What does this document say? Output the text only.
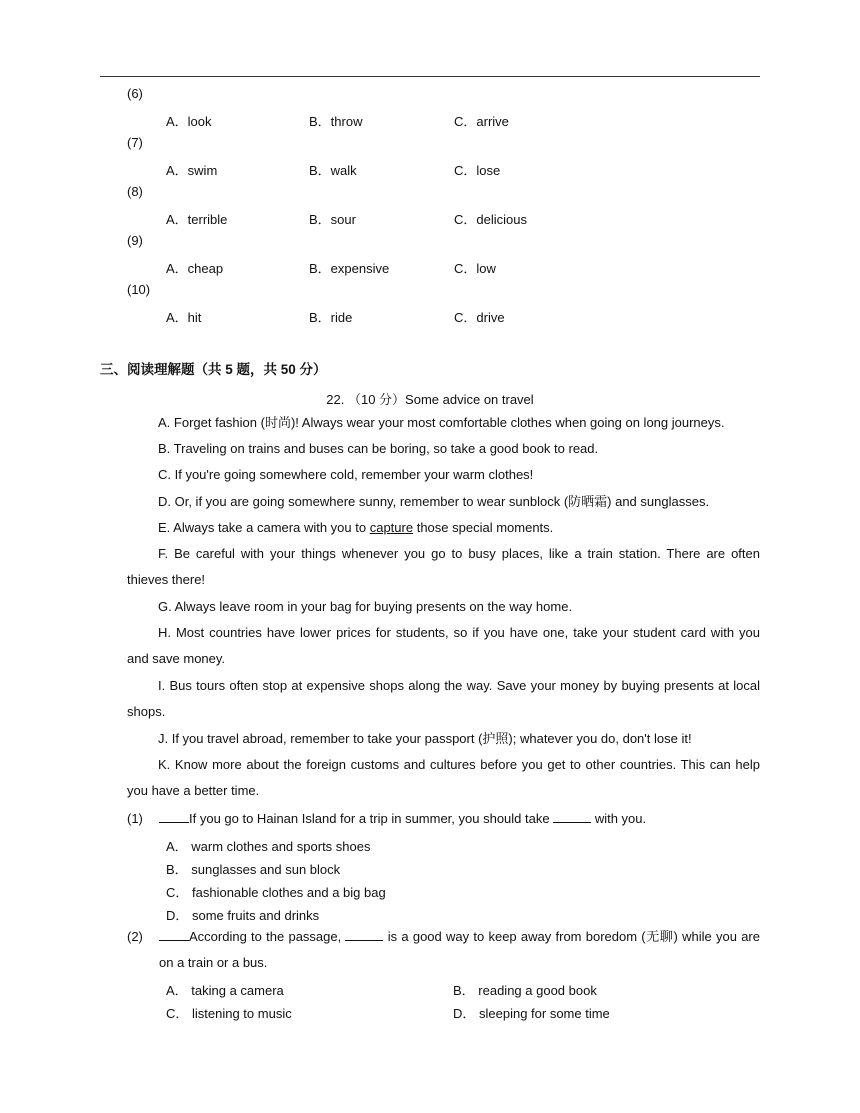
(6)
A．look	B．throw	C．arrive
(7)
A．swim	B．walk	C．lose
(8)
A．terrible	B．sour	C．delicious
(9)
A．cheap	B．expensive	C．low
(10)
A．hit	B．ride	C．drive
三、阅读理解题（共 5 题，共 50 分）
22. （10 分）Some advice on travel
A. Forget fashion (时尚)! Always wear your most comfortable clothes when going on long journeys.
B. Traveling on trains and buses can be boring, so take a good book to read.
C. If you're going somewhere cold, remember your warm clothes!
D. Or, if you are going somewhere sunny, remember to wear sunblock (防晒霜) and sunglasses.
E. Always take a camera with you to capture those special moments.
F. Be careful with your things whenever you go to busy places, like a train station. There are often thieves there!
G. Always leave room in your bag for buying presents on the way home.
H. Most countries have lower prices for students, so if you have one, take your student card with you and save money.
I. Bus tours often stop at expensive shops along the way. Save your money by buying presents at local shops.
J. If you travel abroad, remember to take your passport (护照); whatever you do, don't lose it!
K. Know more about the foreign customs and cultures before you get to other countries. This can help you have a better time.
(1)	If you go to Hainan Island for a trip in summer, you should take	with you.
A． warm clothes and sports shoes
B． sunglasses and sun block
C． fashionable clothes and a big bag
D． some fruits and drinks
(2)	According to the passage,	is a good way to keep away from boredom (无聊) while you are on a train or a bus.
A． taking a camera	B． reading a good book
C． listening to music	D． sleeping for some time
